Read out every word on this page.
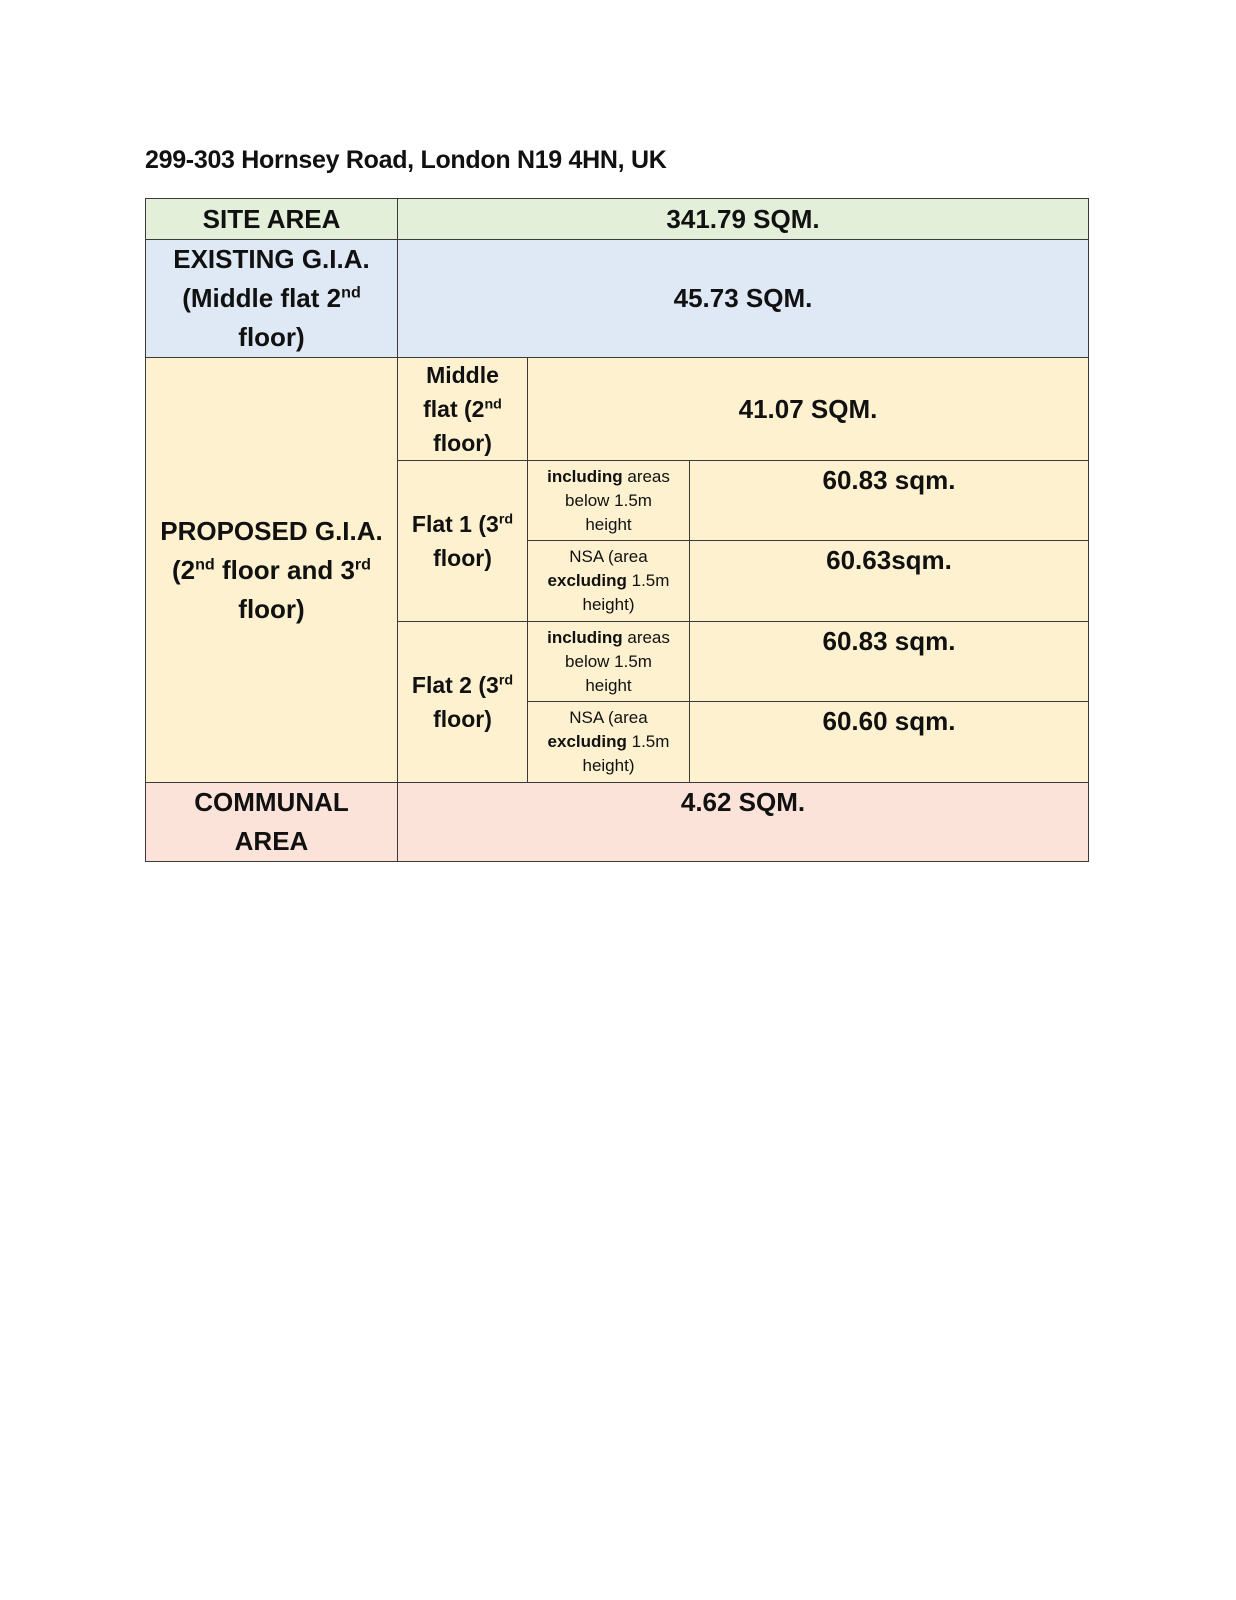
299-303 Hornsey Road, London N19 4HN, UK
SITE AREA	341.79 SQM.		
EXISTING G.I.A.
(Middle flat 2nd
floor)	45.73 SQM.		
PROPOSED G.I.A.
(2nd floor and 3rd
floor)	Middle
flat (2nd
floor)	41.07 SQM.	
	Flat 1 (3rd
floor)	including areas
below 1.5m
height	60.83 sqm.
		NSA (area
excluding 1.5m
height)	60.63sqm.
	Flat 2 (3rd
floor)	including areas
below 1.5m
height	60.83 sqm.
		NSA (area
excluding 1.5m
height)	60.60 sqm.
COMMUNAL
AREA	4.62 SQM.		
